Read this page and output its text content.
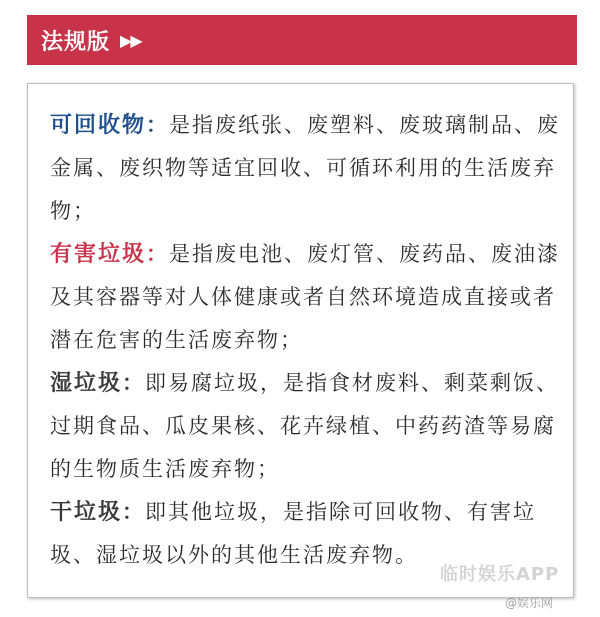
法规版 ▶▶

可回收物：是指废纸张、废塑料、废玻璃制品、废金属、废织物等适宜回收、可循环利用的生活废弃物；

有害垃圾：是指废电池、废灯管、废药品、废油漆及其容器等对人体健康或者自然环境造成直接或者潜在危害的生活废弃物；

湿垃圾：即易腐垃圾，是指食材废料、剩菜剩饭、过期食品、瓜皮果核、花卉绿植、中药药渣等易腐的生物质生活废弃物；

干垃圾：即其他垃圾，是指除可回收物、有害垃圾、湿垃圾以外的其他生活废弃物。

临时娱乐APP
@娱乐网
